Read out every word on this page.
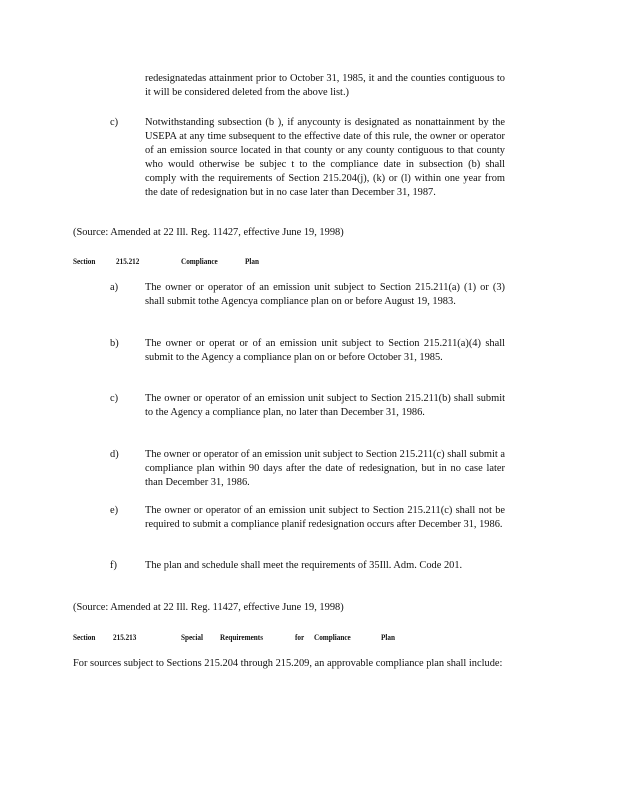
redesignatedas attainment prior to October 31, 1985, it and the counties contiguous to it will be considered deleted from the above list.)

c)	Notwithstanding subsection (b ), if anycounty is designated as nonattainment by the USEPA at any time subsequent to the effective date of this rule, the owner or operator of an emission source located in that county or any county contiguous to that county who would otherwise be subjec t to the compliance date in subsection (b) shall comply with the requirements of Section 215.204(j), (k) or (l) within one year from the date of redesignation but in no case later than December 31, 1987.

(Source: Amended at 22 Ill. Reg. 11427, effective June 19, 1998)

Section	215.212	Compliance	Plan
a)	The owner or operator of an emission unit subject to Section 215.211(a) (1) or (3) shall submit tothe Agencya compliance plan on or before August 19, 1983.

b)	The owner or operat or of an emission unit subject to Section 215.211(a)(4) shall submit to the Agency a compliance plan on or before October 31, 1985.

c)	The owner or operator of an emission unit subject to Section 215.211(b) shall submit to the Agency a compliance plan, no later than December 31, 1986.

d)	The owner or operator of an emission unit subject to Section 215.211(c) shall submit a compliance plan within 90 days after the date of redesignation, but in no case later than December 31, 1986.

e)	The owner or operator of an emission unit subject to Section 215.211(c) shall not be required to submit a compliance planif redesignation occurs after December 31, 1986.

f)	The plan and schedule shall meet the requirements of 35Ill. Adm. Code 201.

(Source: Amended at 22 Ill. Reg. 11427, effective June 19, 1998)

Section 215.213	Special Requirements	for Compliance	Plan

For sources subject to Sections 215.204 through 215.209, an approvable compliance plan shall include:
